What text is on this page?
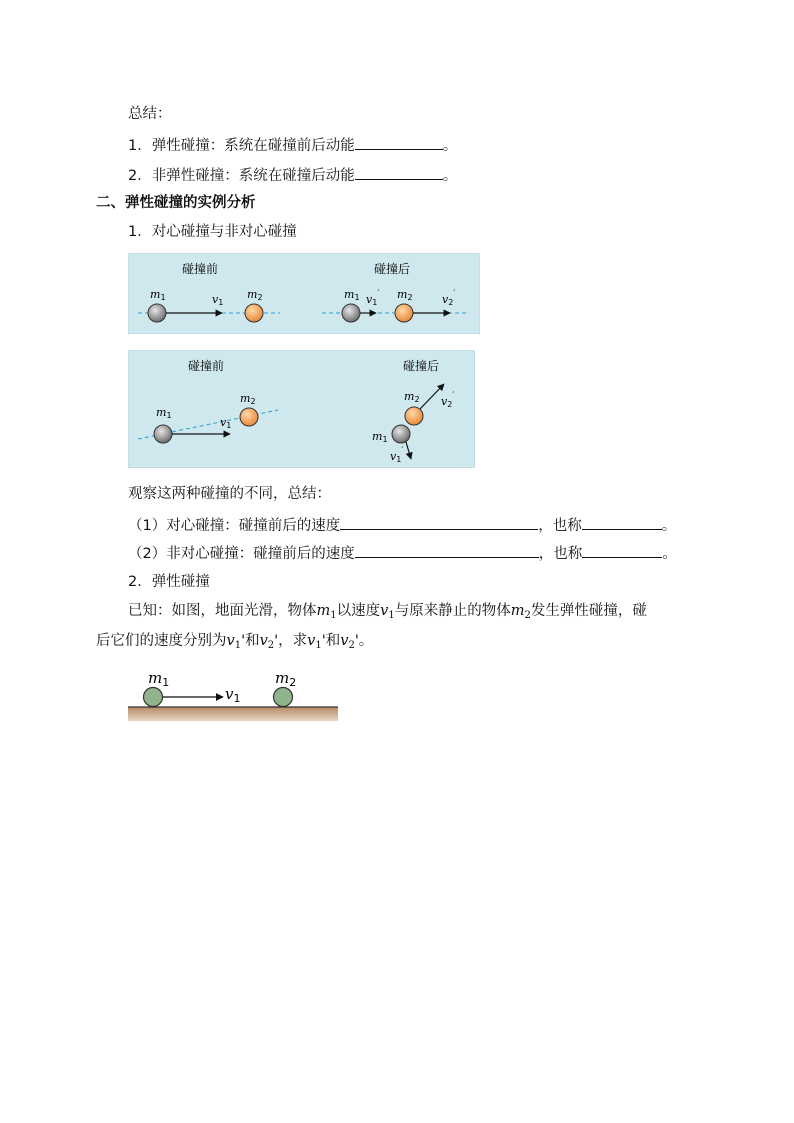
总结：
1．弹性碰撞：系统在碰撞前后动能	。
2．非弹性碰撞：系统在碰撞后动能	。
二、弹性碰撞的实例分析
1．对心碰撞与非对心碰撞
碰撞前	碰撞后
m1	v1
m2	m1 v1′ m2	v2′
碰撞前	碰撞后
m1
v1
m2	m2 v2′
m1
v1′
观察这两种碰撞的不同，总结：
（1）对心碰撞：碰撞前后的速度	，也称	。
（2）非对心碰撞：碰撞前后的速度	，也称	。
2．弹性碰撞
已知：如图，地面光滑，物体$m_1$以速度$v_1$与原来静止的物体$m_2$发生弹性碰撞，碰
后它们的速度分别为$v_1'$和$v_2'$，求$v_1'$和$v_2'$。
$m_1$
$v_1$
$m_2$
